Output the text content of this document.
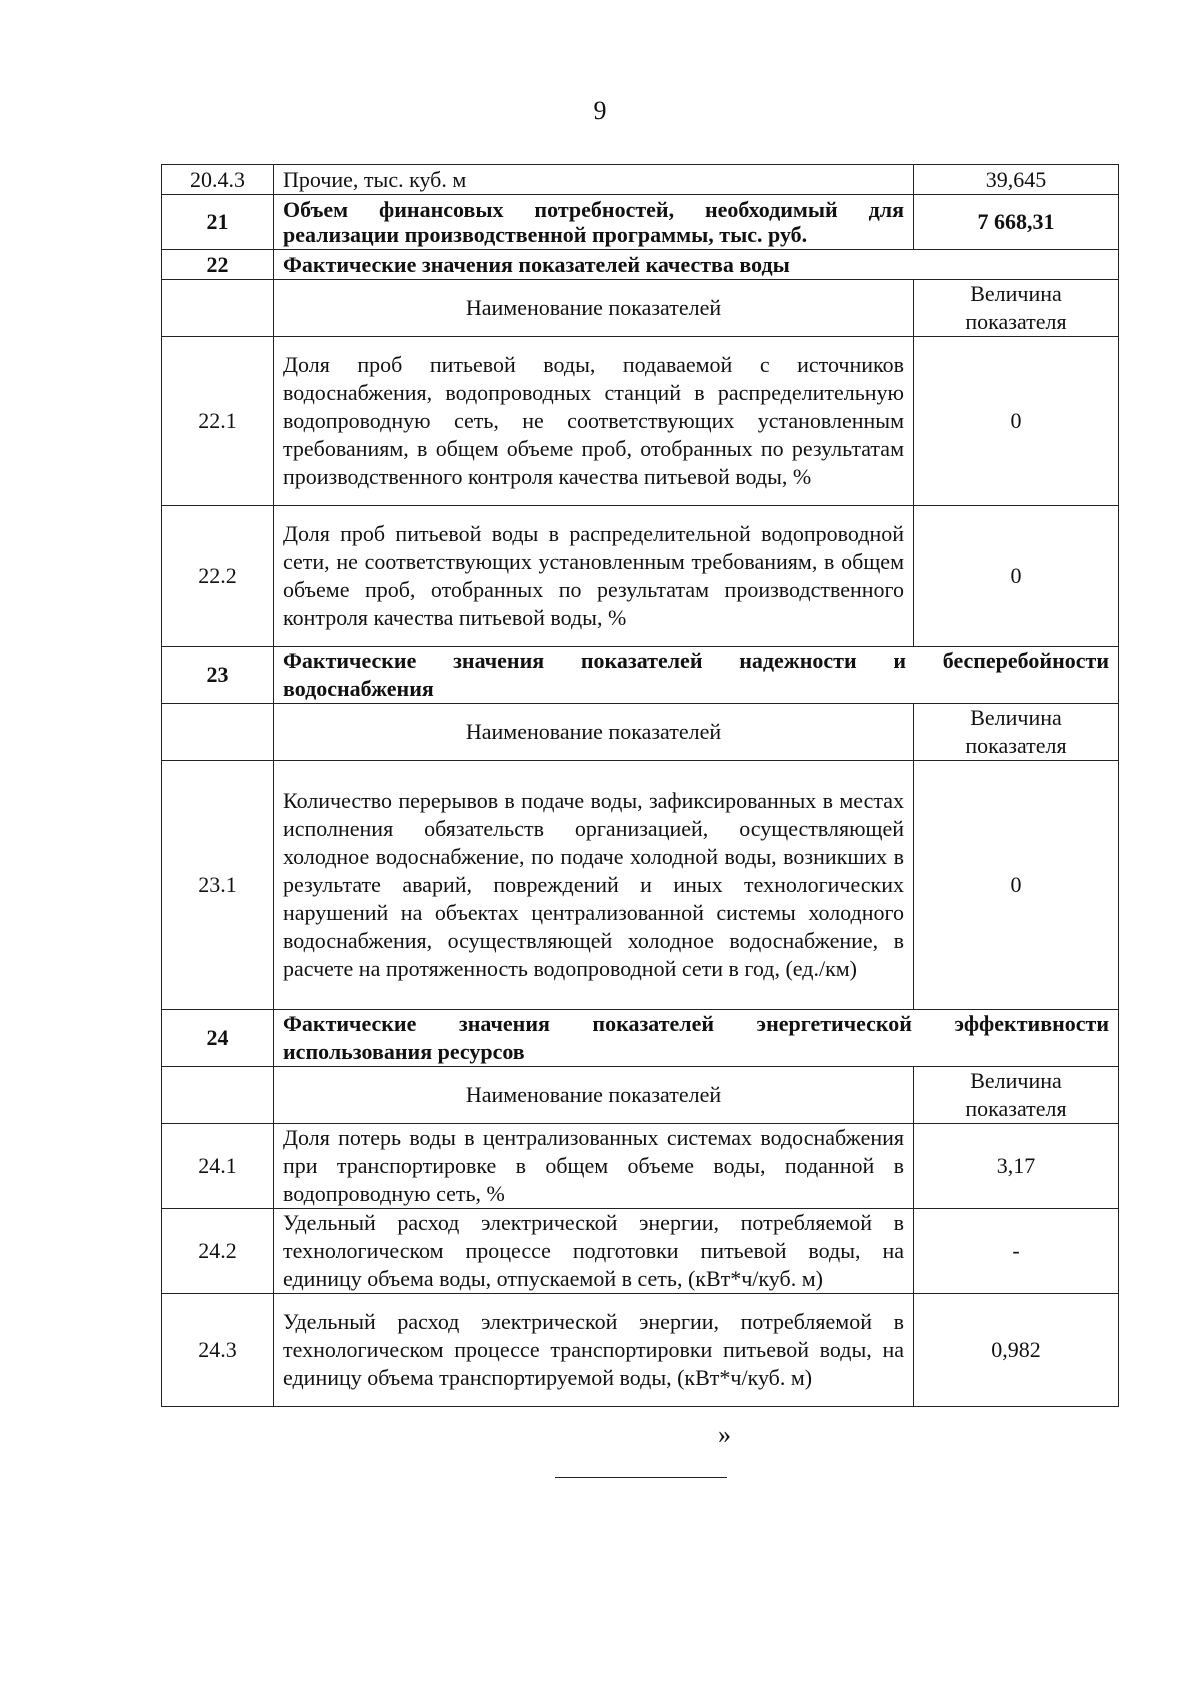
9
20.4.3	Прочие, тыс. куб. м	39,645
21	Объем финансовых потребностей, необходимый для реализации производственной программы, тыс. руб.	7 668,31
22	Фактические значения показателей качества воды	
	Наименование показателей	Величина показателя
22.1	Доля проб питьевой воды, подаваемой с источников водоснабжения, водопроводных станций в распределительную водопроводную сеть, не соответствующих установленным требованиям, в общем объеме проб, отобранных по результатам производственного контроля качества питьевой воды, %	0
22.2	Доля проб питьевой воды в распределительной водопроводной сети, не соответствующих установленным требованиям, в общем объеме проб, отобранных по результатам производственного контроля качества питьевой воды, %	0
23	Фактические значения показателей надежности и бесперебойности водоснабжения	
	Наименование показателей	Величина показателя
23.1	Количество перерывов в подаче воды, зафиксированных в местах исполнения обязательств организацией, осуществляющей холодное водоснабжение, по подаче холодной воды, возникших в результате аварий, повреждений и иных технологических нарушений на объектах централизованной системы холодного водоснабжения, осуществляющей холодное водоснабжение, в расчете на протяженность водопроводной сети в год, (ед./км)	0
24	Фактические значения показателей энергетической эффективности использования ресурсов	
	Наименование показателей	Величина показателя
24.1	Доля потерь воды в централизованных системах водоснабжения при транспортировке в общем объеме воды, поданной в водопроводную сеть, %	3,17
24.2	Удельный расход электрической энергии, потребляемой в технологическом процессе подготовки питьевой воды, на единицу объема воды, отпускаемой в сеть, (кВт*ч/куб. м)	-
24.3	Удельный расход электрической энергии, потребляемой в технологическом процессе транспортировки питьевой воды, на единицу объема транспортируемой воды, (кВт*ч/куб. м)	0,982
»
